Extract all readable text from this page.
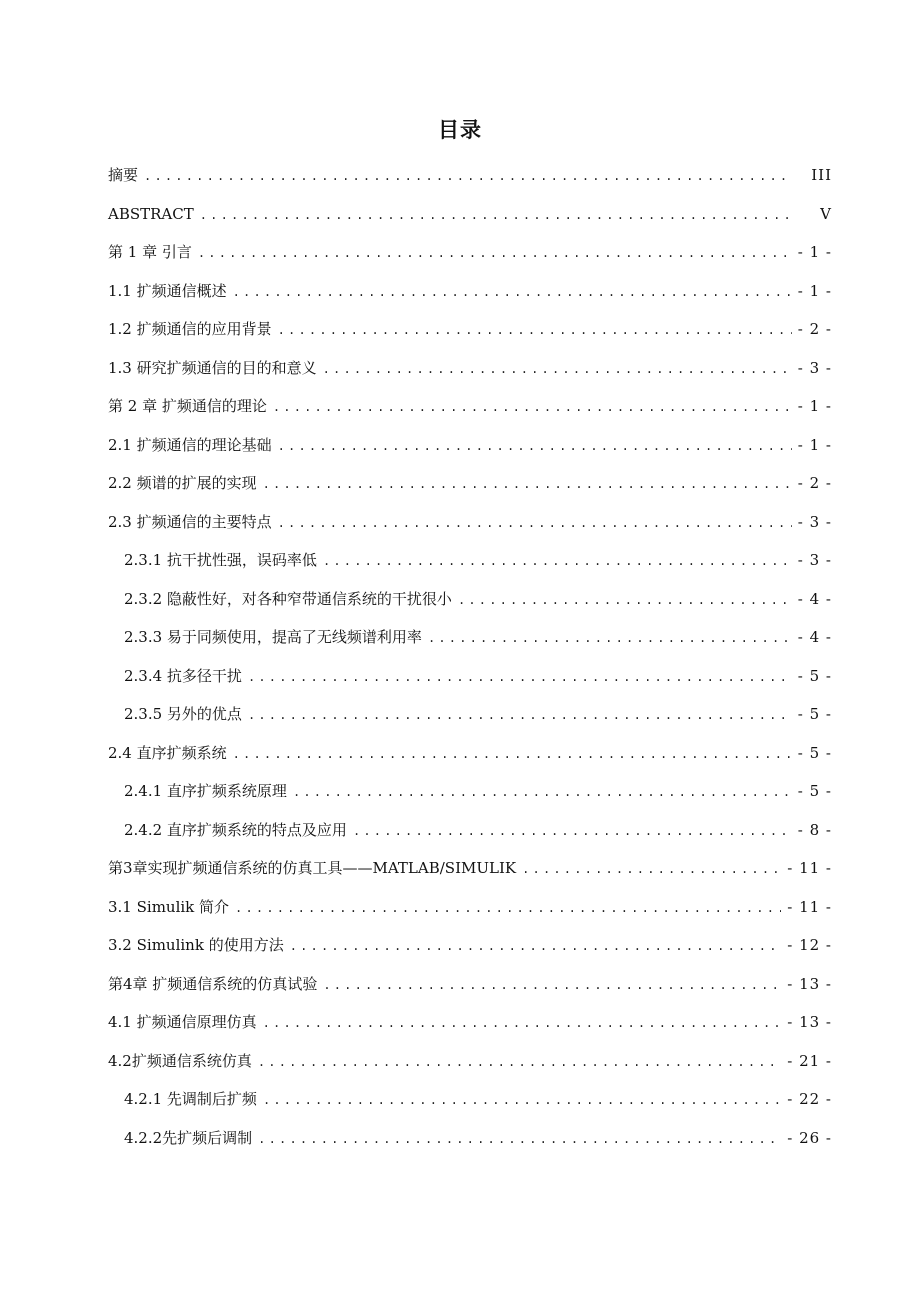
目录
摘要 .....	III
ABSTRACT .....	V
第 1 章 引言 .....	- 1 -
1.1 扩频通信概述 .....	- 1 -
1.2 扩频通信的应用背景 .....	- 2 -
1.3 研究扩频通信的目的和意义 .....	- 3 -
第 2 章 扩频通信的理论 .....	- 1 -
2.1 扩频通信的理论基础 .....	- 1 -
2.2 频谱的扩展的实现 .....	- 2 -
2.3 扩频通信的主要特点 .....	- 3 -
2.3.1 抗干扰性强，误码率低 .....	- 3 -
2.3.2 隐蔽性好，对各种窄带通信系统的干扰很小 .....	- 4 -
2.3.3 易于同频使用，提高了无线频谱利用率 .....	- 4 -
2.3.4 抗多径干扰 .....	- 5 -
2.3.5 另外的优点 .....	- 5 -
2.4 直序扩频系统 .....	- 5 -
2.4.1 直序扩频系统原理 .....	- 5 -
2.4.2 直序扩频系统的特点及应用 .....	- 8 -
第3章实现扩频通信系统的仿真工具——MATLAB/SIMULIK .....	- 11 -
3.1 Simulik 简介 .....	- 11 -
3.2 Simulink 的使用方法 .....	- 12 -
第4章 扩频通信系统的仿真试验 .....	- 13 -
4.1 扩频通信原理仿真 .....	- 13 -
4.2扩频通信系统仿真 .....	- 21 -
4.2.1 先调制后扩频 .....	- 22 -
4.2.2先扩频后调制 .....	- 26 -
